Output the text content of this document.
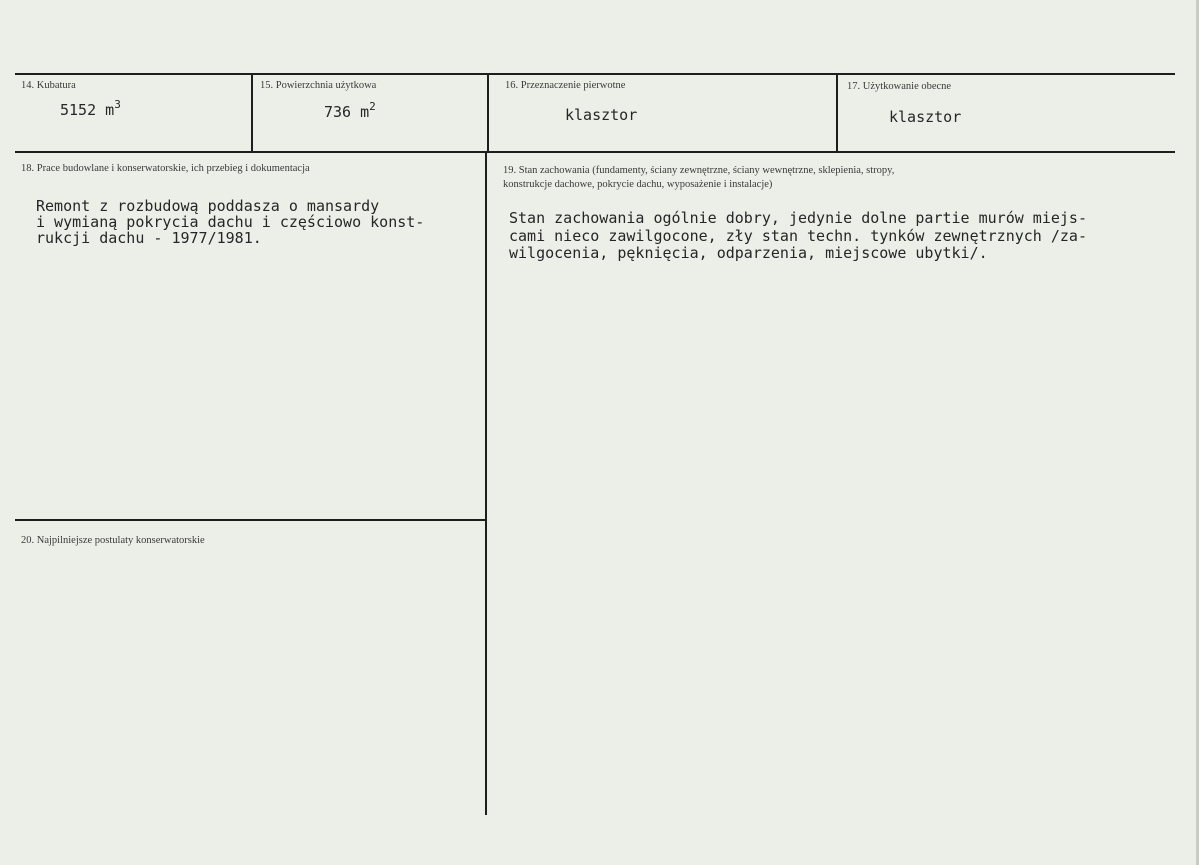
14. Kubatura
5152 $m^3$
15. Powierzchnia użytkowa
736 $m^2$
16. Przeznaczenie pierwotne
klasztor
17. Użytkowanie obecne
klasztor
18. Prace budowlane i konserwatorskie, ich przebieg i dokumentacja
Remont z rozbudową poddasza o mansardy
i wymianą pokrycia dachu i częściowo konst-
rukcji dachu - 1977/1981.
19. Stan zachowania (fundamenty, ściany zewnętrzne, ściany wewnętrzne, sklepienia, stropy,
konstrukcje dachowe, pokrycie dachu, wyposażenie i instalacje)
Stan zachowania ogólnie dobry, jedynie dolne partie murów miejs-
cami nieco zawilgocone, zły stan techn. tynków zewnętrznych /za-
wilgocenia, pęknięcia, odparzenia, miejscowe ubytki/.
20. Najpilniejsze postulaty konserwatorskie
